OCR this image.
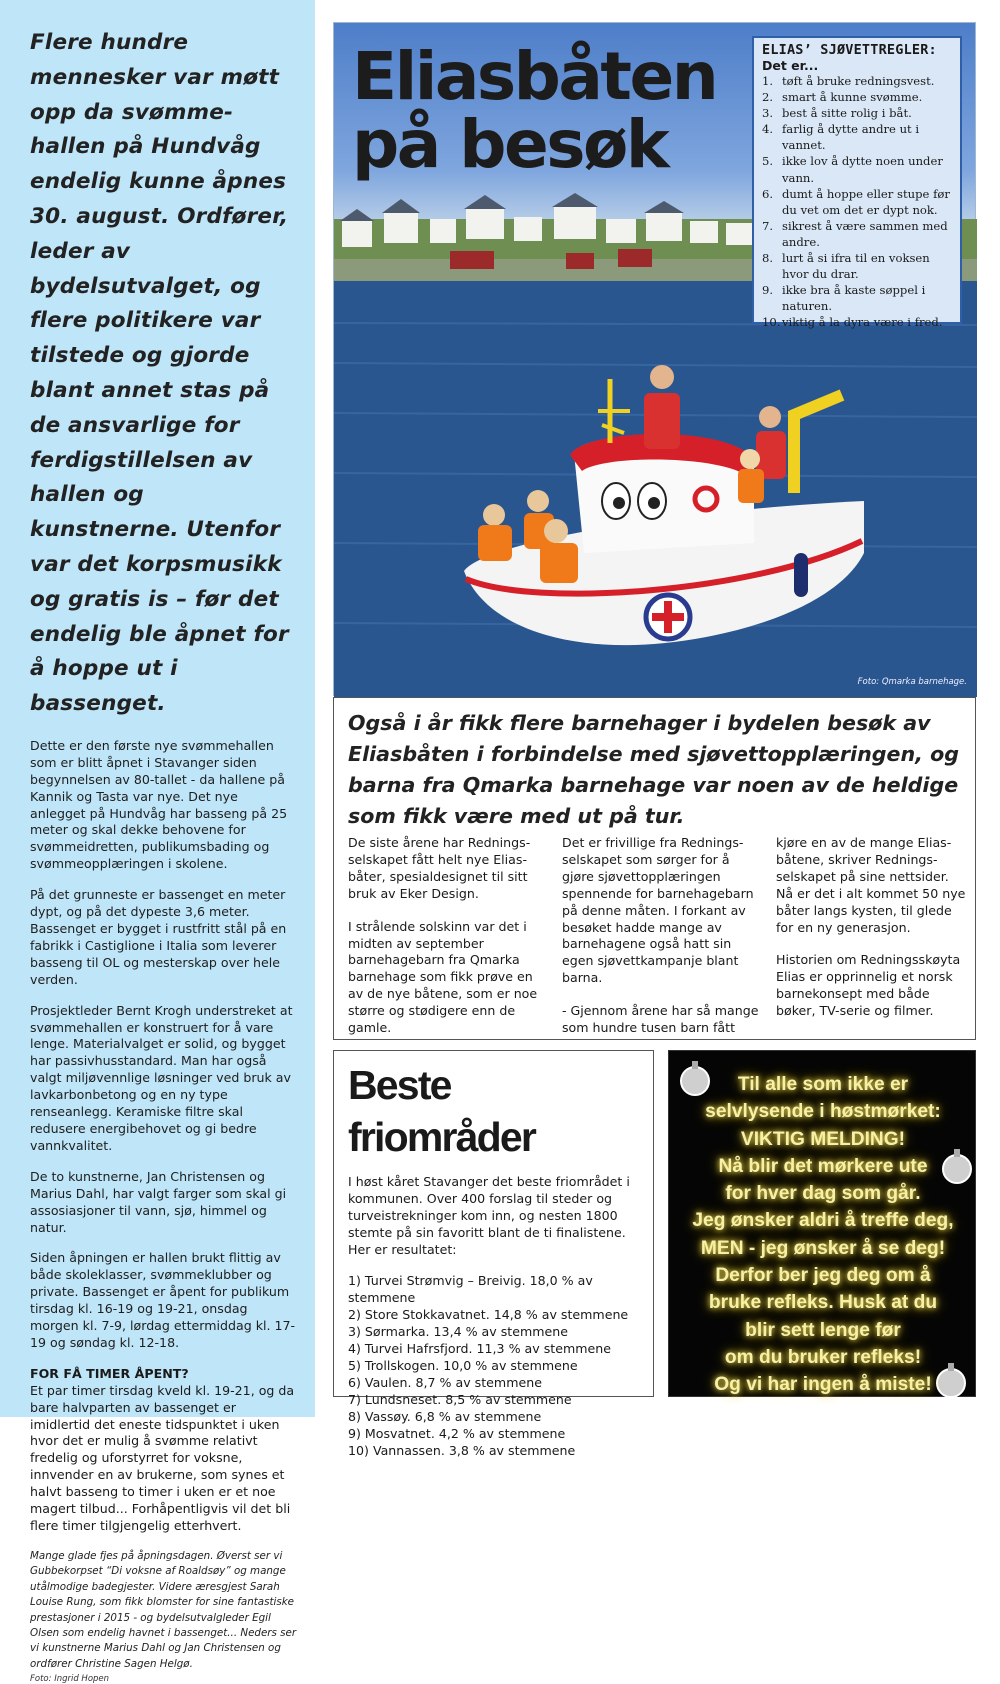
Flere hundre mennesker var møtt opp da svømmehallen på Hundvåg endelig kunne åpnes 30. august. Ordfører, leder av bydelsutvalget, og flere politikere var tilstede og gjorde blant annet stas på de ansvarlige for ferdigstillelsen av hallen og kunstnerne. Utenfor var det korpsmusikk og gratis is – før det endelig ble åpnet for å hoppe ut i bassenget.

Dette er den første nye svømmehallen som er blitt åpnet i Stavanger siden begynnelsen av 80-tallet - da hallene på Kannik og Tasta var nye. Det nye anlegget på Hundvåg har basseng på 25 meter og skal dekke behovene for svømmeidretten, publikumsbading og svømmeopplæringen i skolene.

På det grunneste er bassenget en meter dypt, og på det dypeste 3,6 meter. Bassenget er bygget i rustfritt stål på en fabrikk i Castiglione i Italia som leverer basseng til OL og mesterskap over hele verden.

Prosjektleder Bernt Krogh understreket at svømmehallen er konstruert for å vare lenge. Materialvalget er solid, og bygget har passivhusstandard. Man har også valgt miljøvennlige løsninger ved bruk av lavkarbonbetong og en ny type renseanlegg. Keramiske filtre skal redusere energibehovet og gi bedre vannkvalitet.

De to kunstnerne, Jan Christensen og Marius Dahl, har valgt farger som skal gi assosiasjoner til vann, sjø, himmel og natur.

Siden åpningen er hallen brukt flittig av både skoleklasser, svømmeklubber og private. Bassenget er åpent for publikum tirsdag kl. 16-19 og 19-21, onsdag morgen kl. 7-9, lørdag ettermiddag kl. 17-19 og søndag kl. 12-18.

FOR FÅ TIMER ÅPENT?

Et par timer tirsdag kveld kl. 19-21, og da bare halvparten av bassenget er imidlertid det eneste tidspunktet i uken hvor det er mulig å svømme relativt fredelig og uforstyrret for voksne, innvender en av brukerne, som synes et halvt basseng to timer i uken er et noe magert tilbud... Forhåpentligvis vil det bli flere timer tilgjengelig etterhvert.

Mange glade fjes på åpningsdagen. Øverst ser vi Gubbekorpset “Di voksne af Roaldsøy” og mange utålmodige badegjester. Videre æresgjest Sarah Louise Rung, som fikk blomster for sine fantastiske prestasjoner i 2015 - og bydelsutvalgleder Egil Olsen som endelig havnet i bassenget... Neders ser vi kunstnerne Marius Dahl og Jan Christensen og ordfører Christine Sagen Helgø.

Foto: Ingrid Hopen

Eliasbåten
på besøk
Foto: Qmarka barnehage.
ELIAS’ SJØVETTREGLER:
Det er...
1. tøft å bruke redningsvest.
2. smart å kunne svømme.
3. best å sitte rolig i båt.
4. farlig å dytte andre ut i vannet.
5. ikke lov å dytte noen under vann.
6. dumt å hoppe eller stupe før du vet om det er dypt nok.
7. sikrest å være sammen med andre.
8. lurt å si ifra til en voksen hvor du drar.
9. ikke bra å kaste søppel i naturen.
10. viktig å la dyra være i fred.

Også i år fikk flere barnehager i bydelen besøk av Eliasbåten i forbindelse med sjøvettopplæringen, og barna fra Qmarka barnehage var noen av de heldige som fikk være med ut på tur.

De siste årene har Redningsselskapet fått helt nye Eliasbåter, spesialdesignet til sitt bruk av Eker Design.

I strålende solskinn var det i midten av september barnehagebarn fra Qmarka barnehage som fikk prøve en av de nye båtene, som er noe større og stødigere enn de gamle.

Det er frivillige fra Redningsselskapet som sørger for å gjøre sjøvettopplæringen spennende for barnehagebarn på denne måten. I forkant av besøket hadde mange av barnehagene også hatt sin egen sjøvettkampanje blant barna.

- Gjennom årene har så mange som hundre tusen barn fått

kjøre en av de mange Eliasbåtene, skriver Redningsselskapet på sine nettsider. Nå er det i alt kommet 50 nye båter langs kysten, til glede for en ny generasjon.

Historien om Redningsskøyta Elias er opprinnelig et norsk barnekonsept med både bøker, TV-serie og filmer.

Beste friområder

I høst kåret Stavanger det beste friområdet i kommunen. Over 400 forslag til steder og turveistrekninger kom inn, og nesten 1800 stemte på sin favoritt blant de ti finalistene. Her er resultatet:

1) Turvei Strømvig – Breivig. 18,0 % av stemmene
2) Store Stokkavatnet. 14,8 % av stemmene
3) Sørmarka. 13,4 % av stemmene
4) Turvei Hafrsfjord. 11,3 % av stemmene
5) Trollskogen. 10,0 % av stemmene
6) Vaulen. 8,7 % av stemmene
7) Lundsneset. 8,5 % av stemmene
8) Vassøy. 6,8 % av stemmene
9) Mosvatnet. 4,2 % av stemmene
10) Vannassen. 3,8 % av stemmene
Til alle som ikke er
selvlysende i høstmørket:
VIKTIG MELDING!
Nå blir det mørkere ute
for hver dag som går.
Jeg ønsker aldri å treffe deg,
MEN - jeg ønsker å se deg!
Derfor ber jeg deg om å
bruke refleks. Husk at du
blir sett lenge før
om du bruker refleks!
Og vi har ingen å miste!
